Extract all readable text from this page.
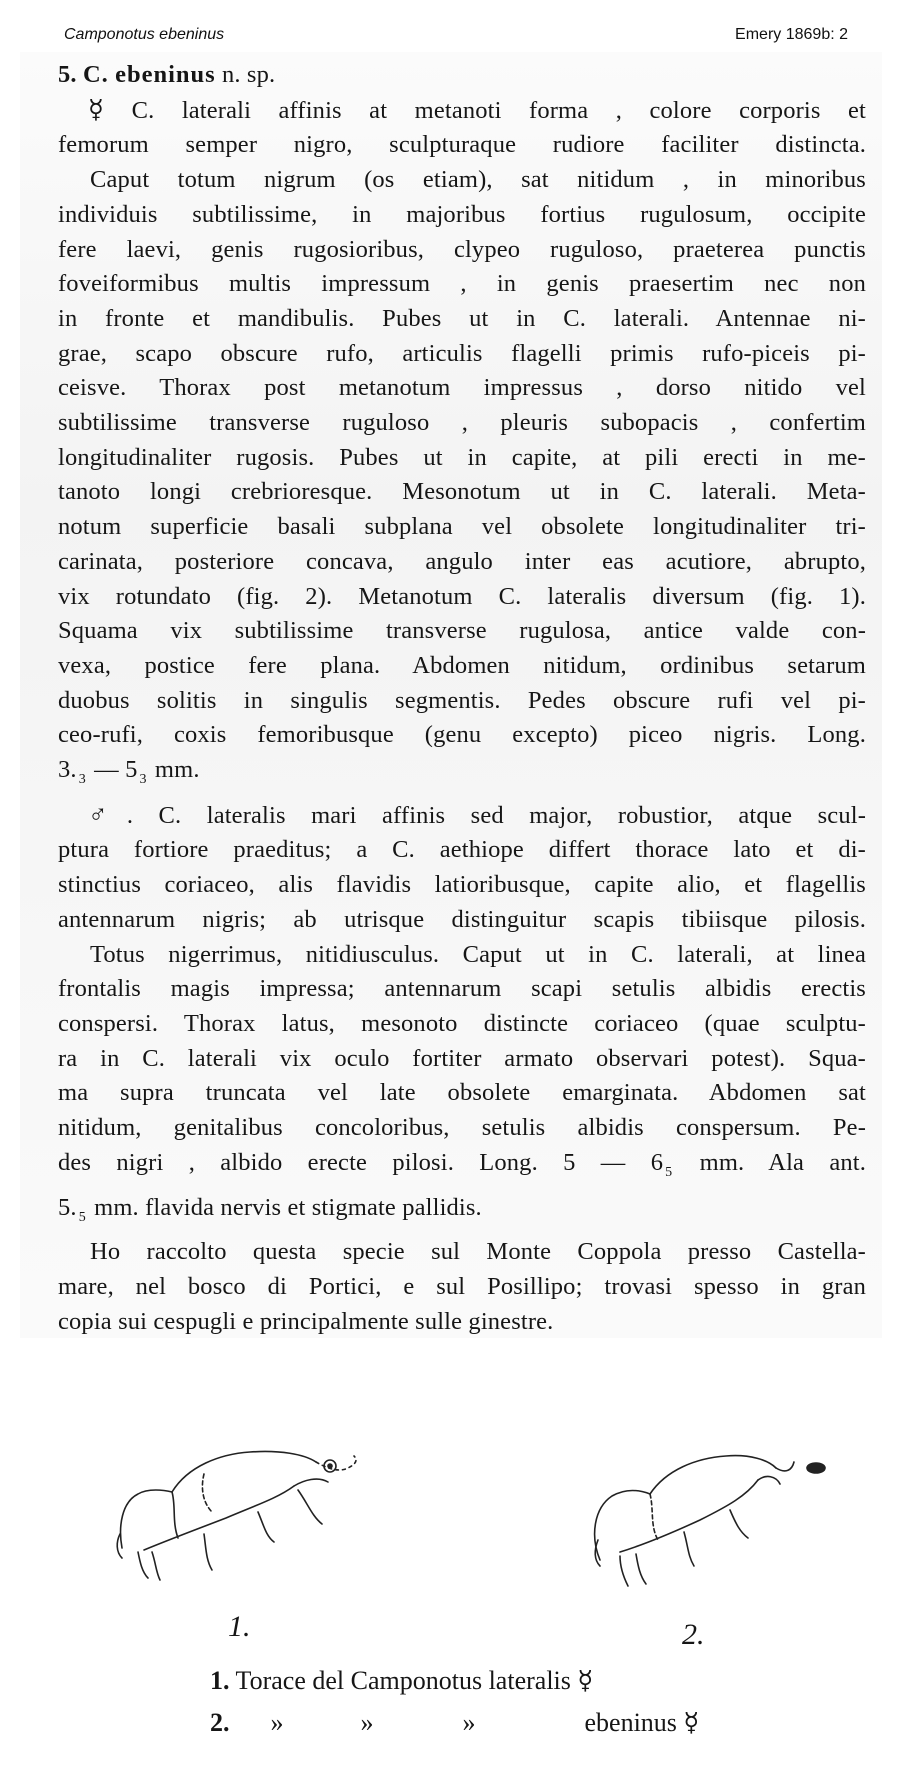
Camponotus ebeninus	Emery 1869b: 2
5. C. ebeninus n. sp.
☿ C. laterali affinis at metanoti forma , colore corporis et
femorum semper nigro, sculpturaque rudiore faciliter distincta.
Caput totum nigrum (os etiam), sat nitidum , in minoribus
individuis subtilissime, in majoribus fortius rugulosum, occipite
fere laevi, genis rugosioribus, clypeo ruguloso, praeterea punctis
foveiformibus multis impressum , in genis praesertim nec non
in fronte et mandibulis. Pubes ut in C. laterali. Antennae ni-
grae, scapo obscure rufo, articulis flagelli primis rufo-piceis pi-
ceisve. Thorax post metanotum impressus , dorso nitido vel
subtilissime transverse ruguloso , pleuris subopacis , confertim
longitudinaliter rugosis. Pubes ut in capite, at pili erecti in me-
tanoto longi crebrioresque. Mesonotum ut in C. laterali. Meta-
notum superficie basali subplana vel obsolete longitudinaliter tri-
carinata, posteriore concava, angulo inter eas acutiore, abrupto,
vix rotundato (fig. 2). Metanotum C. lateralis diversum (fig. 1).
Squama vix subtilissime transverse rugulosa, antice valde con-
vexa, postice fere plana. Abdomen nitidum, ordinibus setarum
duobus solitis in singulis segmentis. Pedes obscure rufi vel pi-
ceo-rufi, coxis femoribusque (genu excepto) piceo nigris. Long.
3. $_3$ — 5 $_3$ mm.
♂. C. lateralis mari affinis sed major, robustior, atque scul-
ptura fortiore praeditus; a C. aethiope differt thorace lato et di-
stinctius coriaceo, alis flavidis latioribusque, capite alio, et flagellis
antennarum nigris; ab utrisque distinguitur scapis tibiisque pilosis.
Totus nigerrimus, nitidiusculus. Caput ut in C. laterali, at linea
frontalis magis impressa; antennarum scapi setulis albidis erectis
conspersi. Thorax latus, mesonoto distincte coriaceo (quae sculptu-
ra in C. laterali vix oculo fortiter armato observari potest). Squa-
ma supra truncata vel late obsolete emarginata. Abdomen sat
nitidum, genitalibus concoloribus, setulis albidis conspersum. Pe-
des nigri , albido erecte pilosi. Long. 5 — 6 $_5$ mm. Ala ant.
5. $_5$ mm. flavida nervis et stigmate pallidis.
Ho raccolto questa specie sul Monte Coppola presso Castella-
mare, nel bosco di Portici, e sul Posillipo; trovasi spesso in gran
copia sui cespugli e principalmente sulle ginestre.
1.	2.
1. Torace del Camponotus lateralis ☿
2. »	»	»	ebeninus ☿
